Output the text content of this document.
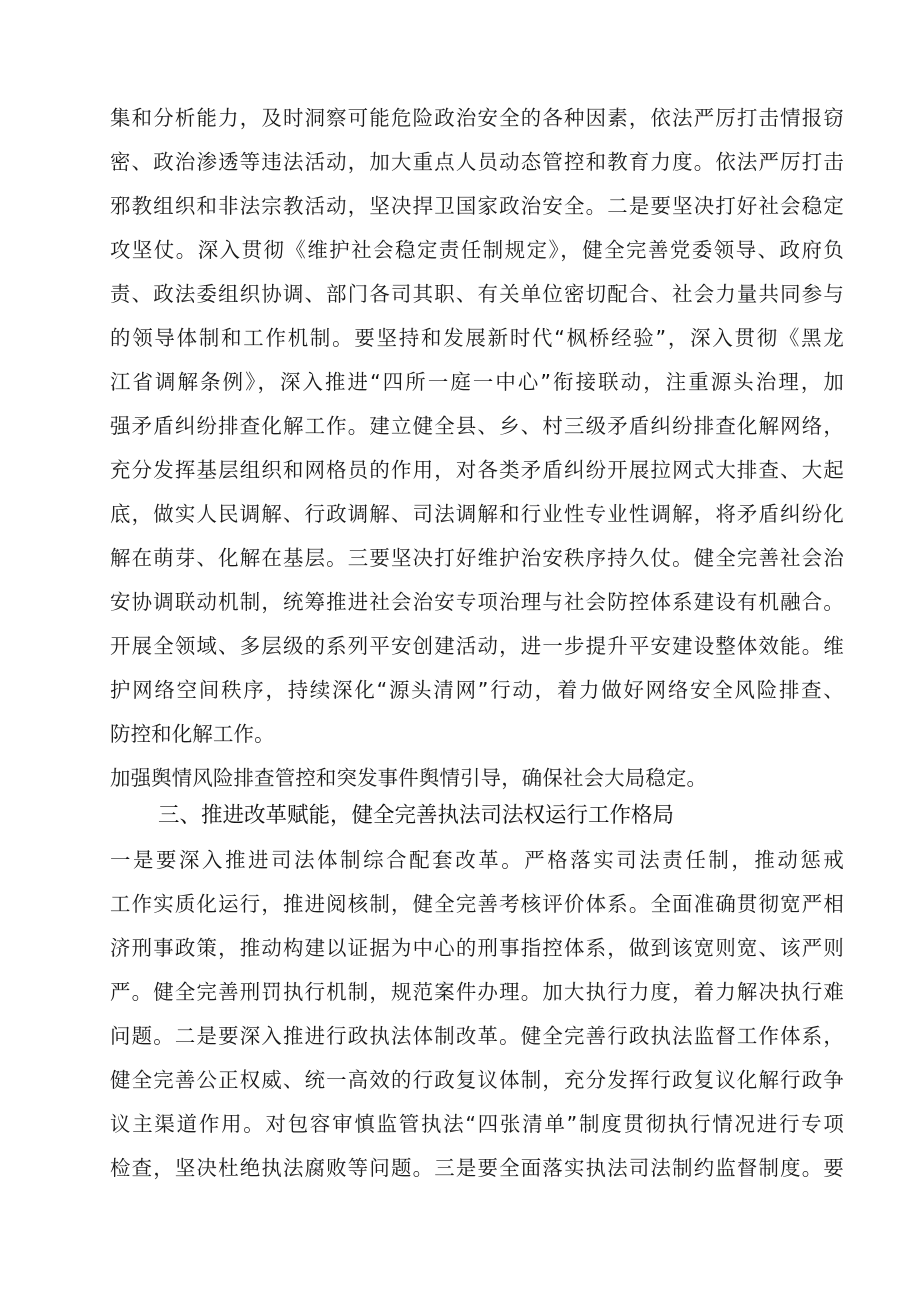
集和分析能力，及时洞察可能危险政治安全的各种因素，依法严厉打击情报窃
密、政治渗透等违法活动，加大重点人员动态管控和教育力度。依法严厉打击
邪教组织和非法宗教活动，坚决捍卫国家政治安全。二是要坚决打好社会稳定
攻坚仗。深入贯彻《维护社会稳定责任制规定》，健全完善党委领导、政府负
责、政法委组织协调、部门各司其职、有关单位密切配合、社会力量共同参与
的领导体制和工作机制。要坚持和发展新时代“枫桥经验”，深入贯彻《黑龙
江省调解条例》，深入推进“四所一庭一中心”衔接联动，注重源头治理，加
强矛盾纠纷排查化解工作。建立健全县、乡、村三级矛盾纠纷排查化解网络，
充分发挥基层组织和网格员的作用，对各类矛盾纠纷开展拉网式大排查、大起
底，做实人民调解、行政调解、司法调解和行业性专业性调解，将矛盾纠纷化
解在萌芽、化解在基层。三要坚决打好维护治安秩序持久仗。健全完善社会治
安协调联动机制，统筹推进社会治安专项治理与社会防控体系建设有机融合。
开展全领域、多层级的系列平安创建活动，进一步提升平安建设整体效能。维
护网络空间秩序，持续深化“源头清网”行动，着力做好网络安全风险排查、
防控和化解工作。
加强舆情风险排查管控和突发事件舆情引导，确保社会大局稳定。
三、推进改革赋能，健全完善执法司法权运行工作格局
一是要深入推进司法体制综合配套改革。严格落实司法责任制，推动惩戒
工作实质化运行，推进阅核制，健全完善考核评价体系。全面准确贯彻宽严相
济刑事政策，推动构建以证据为中心的刑事指控体系，做到该宽则宽、该严则
严。健全完善刑罚执行机制，规范案件办理。加大执行力度，着力解决执行难
问题。二是要深入推进行政执法体制改革。健全完善行政执法监督工作体系，
健全完善公正权威、统一高效的行政复议体制，充分发挥行政复议化解行政争
议主渠道作用。对包容审慎监管执法“四张清单”制度贯彻执行情况进行专项
检查，坚决杜绝执法腐败等问题。三是要全面落实执法司法制约监督制度。要
